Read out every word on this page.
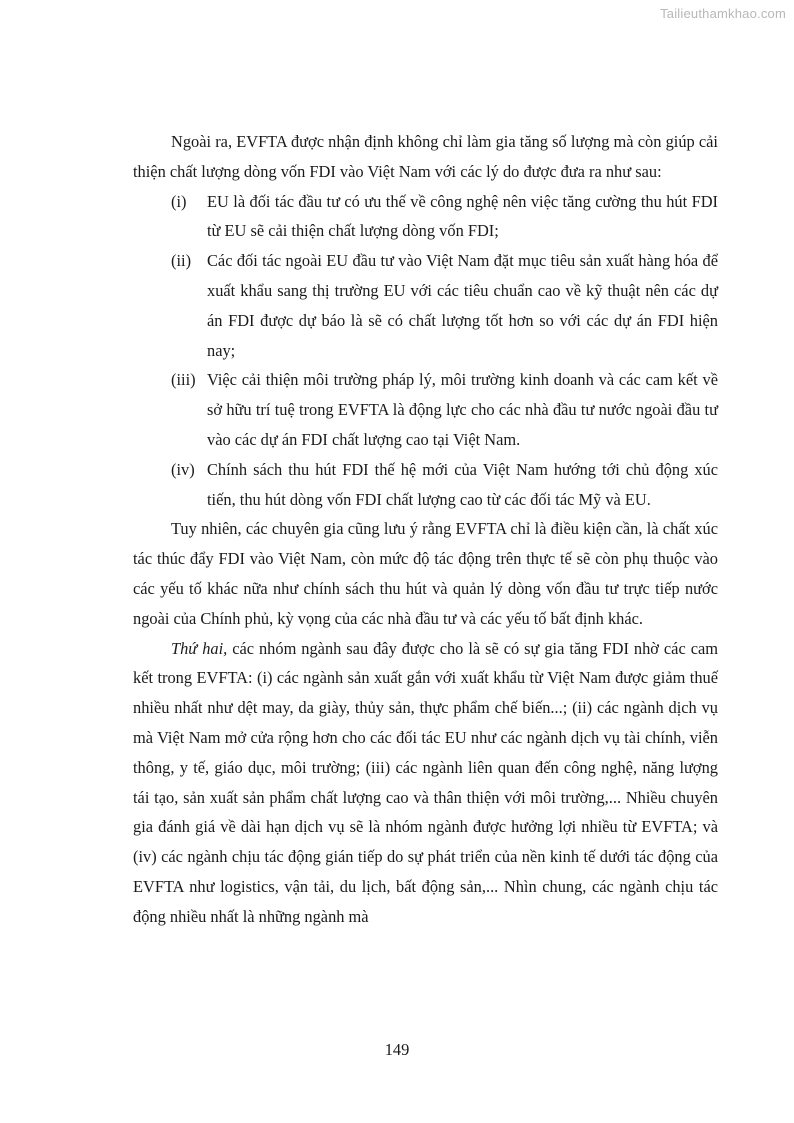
Tailieuthamkhao.com

Ngoài ra, EVFTA được nhận định không chỉ làm gia tăng số lượng mà còn giúp cải thiện chất lượng dòng vốn FDI vào Việt Nam với các lý do được đưa ra như sau:

(i) EU là đối tác đầu tư có ưu thế về công nghệ nên việc tăng cường thu hút FDI từ EU sẽ cải thiện chất lượng dòng vốn FDI;
(ii) Các đối tác ngoài EU đầu tư vào Việt Nam đặt mục tiêu sản xuất hàng hóa để xuất khẩu sang thị trường EU với các tiêu chuẩn cao về kỹ thuật nên các dự án FDI được dự báo là sẽ có chất lượng tốt hơn so với các dự án FDI hiện nay;
(iii) Việc cải thiện môi trường pháp lý, môi trường kinh doanh và các cam kết về sở hữu trí tuệ trong EVFTA là động lực cho các nhà đầu tư nước ngoài đầu tư vào các dự án FDI chất lượng cao tại Việt Nam.
(iv) Chính sách thu hút FDI thế hệ mới của Việt Nam hướng tới chủ động xúc tiến, thu hút dòng vốn FDI chất lượng cao từ các đối tác Mỹ và EU.

Tuy nhiên, các chuyên gia cũng lưu ý rằng EVFTA chỉ là điều kiện cần, là chất xúc tác thúc đẩy FDI vào Việt Nam, còn mức độ tác động trên thực tế sẽ còn phụ thuộc vào các yếu tố khác nữa như chính sách thu hút và quản lý dòng vốn đầu tư trực tiếp nước ngoài của Chính phủ, kỳ vọng của các nhà đầu tư và các yếu tố bất định khác.

Thứ hai, các nhóm ngành sau đây được cho là sẽ có sự gia tăng FDI nhờ các cam kết trong EVFTA: (i) các ngành sản xuất gắn với xuất khẩu từ Việt Nam được giảm thuế nhiều nhất như dệt may, da giày, thủy sản, thực phẩm chế biến...; (ii) các ngành dịch vụ mà Việt Nam mở cửa rộng hơn cho các đối tác EU như các ngành dịch vụ tài chính, viễn thông, y tế, giáo dục, môi trường; (iii) các ngành liên quan đến công nghệ, năng lượng tái tạo, sản xuất sản phẩm chất lượng cao và thân thiện với môi trường,... Nhiều chuyên gia đánh giá về dài hạn dịch vụ sẽ là nhóm ngành được hưởng lợi nhiều từ EVFTA; và (iv) các ngành chịu tác động gián tiếp do sự phát triển của nền kinh tế dưới tác động của EVFTA như logistics, vận tải, du lịch, bất động sản,... Nhìn chung, các ngành chịu tác động nhiều nhất là những ngành mà

149
